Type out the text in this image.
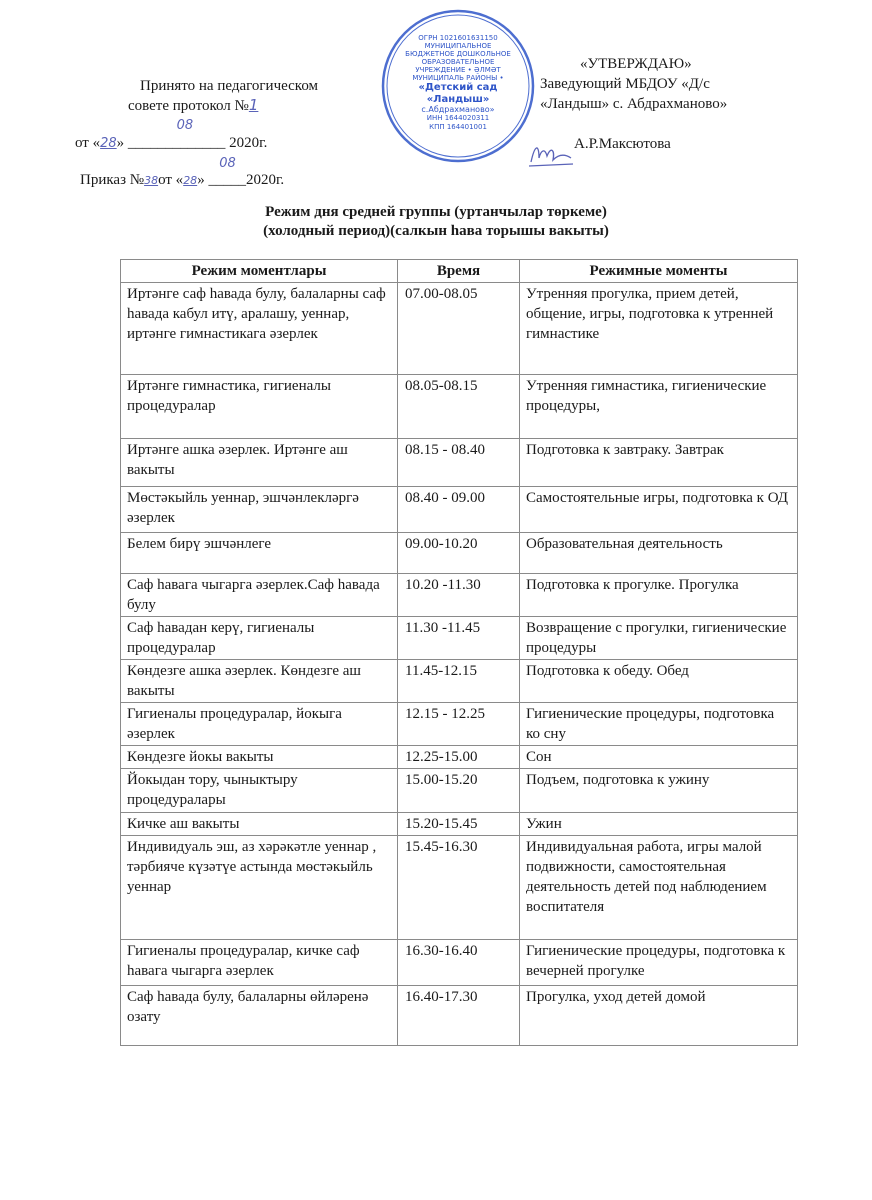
ОГРН 1021601631150
МУНИЦИПАЛЬНОЕ БЮДЖЕТНОЕ ДОШКОЛЬНОЕ ОБРАЗОВАТЕЛЬНОЕ УЧРЕЖДЕНИЕ • ӘЛМӘТ МУНИЦИПАЛЬ РАЙОНЫ •
«Детский сад
«Ландыш»
с.Абдрахманово»
ИНН 1644020311
КПП 164401001
Принято на педагогическом
совете протокол №1
от «28» _____________ 2020г.
08
Приказ №38от «28» _____2020г.
08
«УТВЕРЖДАЮ»
Заведующий МБДОУ «Д/с
«Ландыш» с. Абдрахманово»
А.Р.Максютова
Режим дня средней группы (уртанчылар төркеме)
(холодный период)(салкын һава торышы вакыты)
Режим моментлары	Время	Режимные моменты
Иртәнге саф һавада булу, балаларны саф һавада кабул итү, аралашу, уеннар, иртәнге гимнастикага әзерлек	07.00-08.05	Утренняя прогулка, прием детей, общение, игры, подготовка к утренней гимнастике
Иртәнге гимнастика, гигиеналы процедуралар	08.05-08.15	Утренняя гимнастика, гигиенические процедуры,
Иртәнге ашка әзерлек. Иртәнге аш вакыты	08.15 - 08.40	Подготовка к завтраку. Завтрак
Мөстәкыйль уеннар, эшчәнлекләргә әзерлек	08.40 - 09.00	Самостоятельные игры, подготовка к ОД
Белем бирү эшчәнлеге	09.00-10.20	Образовательная деятельность
Саф һавага чыгарга әзерлек.Саф һавада булу	10.20 -11.30	Подготовка к прогулке. Прогулка
Саф һавадан керү, гигиеналы процедуралар	11.30 -11.45	Возвращение с прогулки, гигиенические процедуры
Көндезге ашка әзерлек. Көндезге аш вакыты	11.45-12.15	Подготовка к обеду. Обед
Гигиеналы процедуралар, йокыга әзерлек	12.15 - 12.25	Гигиенические процедуры, подготовка ко сну
Көндезге йокы вакыты	12.25-15.00	Сон
Йокыдан тору, чыныктыру процедуралары	15.00-15.20	Подъем, подготовка к ужину
Кичке аш вакыты	15.20-15.45	Ужин
Индивидуаль эш, аз хәрәкәтле уеннар , тәрбияче күзәтүе астында мөстәкыйль уеннар	15.45-16.30	Индивидуальная работа, игры малой подвижности, самостоятельная деятельность детей под наблюдением воспитателя
Гигиеналы процедуралар, кичке саф һавага чыгарга әзерлек	16.30-16.40	Гигиенические процедуры, подготовка к вечерней прогулке
Саф һавада булу, балаларны өйләренә озату	16.40-17.30	Прогулка, уход детей домой
